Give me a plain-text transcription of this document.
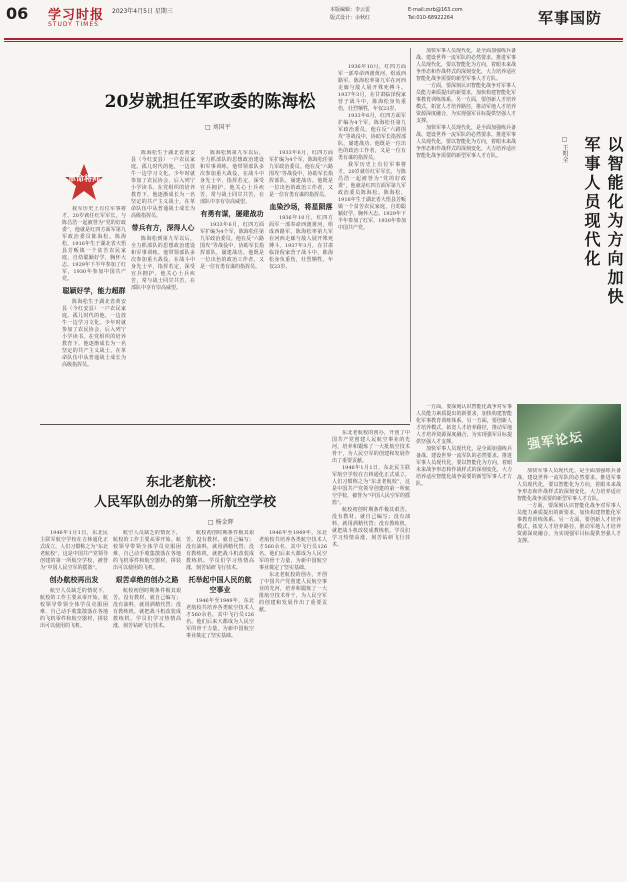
06 学习时报
STUDY TIMES
2023年4月5日 星期三	本版编辑：李云雷
版式设计：余秋红
E-mail:zsrb@163.com
Tel:010-68922264	军事国防
20岁就担任军政委的陈海松
□ 刘国平
革命将帅

我军历史上有位军事将才，20岁就任红军军长，与陈昌浩一起被誉为“党的好政委”，他就是红四方面军第九军政治委员陈海松。陈海松，1916年生于湖北省大悟县芳畈镇一个贫苦农民家庭，自幼聪颖好学，胸怀大志。1929年下半年参加了红军，1930年参加中国共产党。

聪颖好学，能力超群

陈海松生于湖北省黄安县（今红安县）一户农民家庭。孤儿时代的他，一边放牛一边学习文化。少年时就参加了农民协会，后入列宁小学读书。在党组织的培养教育下，他逐渐成长为一名坚定的共产主义战士，在革命队伍中从普通战士成长为高级指挥员。

陈海松生于湖北省黄安县（今红安县）一户农民家庭。孤儿时代的他，一边放牛一边学习文化。少年时就参加了农民协会，后入列宁小学读书。在党组织的培养教育下，他逐渐成长为一名坚定的共产主义战士，在革命队伍中从普通战士成长为高级指挥员。

带兵有方，深得人心

陈海松到第九军以后，全力抓部队的思想政治建设和军事训练。他带领部队多次参加重大战役，在战斗中身先士卒，指挥若定，深受官兵拥护。他关心士兵疾苦，常与战士同甘共苦，在部队中享有崇高威望。

陈海松到第九军以后，全力抓部队的思想政治建设和军事训练。他带领部队多次参加重大战役，在战斗中身先士卒，指挥若定，深受官兵拥护。他关心士兵疾苦，常与战士同甘共苦，在部队中享有崇高威望。

有勇有谋，屡建战功

1933年6月，红四方面军扩编为4个军，陈海松任第九军政治委员。他在反“六路围攻”等战役中，协助军长指挥部队，屡建战功。他既是一位出色的政治工作者，又是一位有勇有谋的指挥员。

1933年6月，红四方面军扩编为4个军，陈海松任第九军政治委员。他在反“六路围攻”等战役中，协助军长指挥部队，屡建战功。他既是一位出色的政治工作者，又是一位有勇有谋的指挥员。

血染沙场，将星陨落

1936年10月，红四方面军一部奉命西渡黄河，组成西路军。陈海松率第九军在河西走廊与敌人展开殊死搏斗。1937年3月，在甘肃临泽倪家营子战斗中，陈海松身负重伤，壮烈牺牲，年仅23岁。

1936年10月，红四方面军一部奉命西渡黄河，组成西路军。陈海松率第九军在河西走廊与敌人展开殊死搏斗。1937年3月，在甘肃临泽倪家营子战斗中，陈海松身负重伤，壮烈牺牲，年仅23岁。

1933年6月，红四方面军扩编为4个军，陈海松任第九军政治委员。他在反“六路围攻”等战役中，协助军长指挥部队，屡建战功。他既是一位出色的政治工作者，又是一位有勇有谋的指挥员。

我军历史上有位军事将才，20岁就任红军军长，与陈昌浩一起被誉为“党的好政委”，他就是红四方面军第九军政治委员陈海松。陈海松，1916年生于湖北省大悟县芳畈镇一个贫苦农民家庭，自幼聪颖好学，胸怀大志。1929年下半年参加了红军，1930年参加中国共产党。

东北老航校：
人民军队创办的第一所航空学校
□ 杨金辉

1946年1月1日，东北民主联军航空学校在吉林通化正式成立，人们习惯称之为“东北老航校”，这是中国共产党领导创建的第一所航空学校，被誉为“中国人民空军的摇篮”。

创办航校再出发

航空人员缺乏的情况下，航校的工作主要从零开始。航校领导带领全体学员克服困难，自己动手收集散落在各地的飞机零件和航空器材，拼装出可以使用的飞机。

航空人员缺乏的情况下，航校的工作主要从零开始。航校领导带领全体学员克服困难，自己动手收集散落在各地的飞机零件和航空器材，拼装出可以使用的飞机。

艰苦卓绝的创办之路

航校初创时期条件极其艰苦。没有教材，就自己编写；没有油料，就用酒精代替；没有教练机，就把战斗机改装成教练机。学员们学习热情高涨，刻苦钻研飞行技术。

航校初创时期条件极其艰苦。没有教材，就自己编写；没有油料，就用酒精代替；没有教练机，就把战斗机改装成教练机。学员们学习热情高涨，刻苦钻研飞行技术。

托举起中国人民的航空事业

1946年至1949年，东北老航校共培养各类航空技术人才560余名，其中飞行员126名。他们后来大都成为人民空军的骨干力量，为新中国航空事业奠定了坚实基础。

1946年至1949年，东北老航校共培养各类航空技术人才560余名，其中飞行员126名。他们后来大都成为人民空军的骨干力量，为新中国航空事业奠定了坚实基础。

东北老航校的创办，开创了中国共产党创建人民航空事业的先河，培养和锻炼了一大批航空技术骨干，为人民空军的创建和发展作出了重要贡献。

东北老航校的创办，开创了中国共产党创建人民航空事业的先河，培养和锻炼了一大批航空技术骨干，为人民空军的创建和发展作出了重要贡献。

1946年1月1日，东北民主联军航空学校在吉林通化正式成立，人们习惯称之为“东北老航校”，这是中国共产党领导创建的第一所航空学校，被誉为“中国人民空军的摇篮”。

航校初创时期条件极其艰苦。没有教材，就自己编写；没有油料，就用酒精代替；没有教练机，就把战斗机改装成教练机。学员们学习热情高涨，刻苦钻研飞行技术。

以智能化为方向加快军事人员现代化
□ 王明全

加快军事人员现代化，是全面加强练兵备战、建设世界一流军队的必然要求。推进军事人员现代化，要以智能化为方向，着眼未来战争形态和作战样式的深刻变化，大力培养适应智能化战争需要的新型军事人才方队。

一方面，要深刻认识智能化战争对军事人员能力素质提出的新要求，加快构建智能化军事教育训练体系。另一方面，要创新人才培养模式，拓宽人才培养路径，推动军地人才培养资源深度融合，为实现强军目标提供坚强人才支撑。

加快军事人员现代化，是全面加强练兵备战、建设世界一流军队的必然要求。推进军事人员现代化，要以智能化为方向，着眼未来战争形态和作战样式的深刻变化，大力培养适应智能化战争需要的新型军事人才方队。

强军论坛

一方面，要深刻认识智能化战争对军事人员能力素质提出的新要求，加快构建智能化军事教育训练体系。另一方面，要创新人才培养模式，拓宽人才培养路径，推动军地人才培养资源深度融合，为实现强军目标提供坚强人才支撑。

加快军事人员现代化，是全面加强练兵备战、建设世界一流军队的必然要求。推进军事人员现代化，要以智能化为方向，着眼未来战争形态和作战样式的深刻变化，大力培养适应智能化战争需要的新型军事人才方队。

加快军事人员现代化，是全面加强练兵备战、建设世界一流军队的必然要求。推进军事人员现代化，要以智能化为方向，着眼未来战争形态和作战样式的深刻变化，大力培养适应智能化战争需要的新型军事人才方队。

一方面，要深刻认识智能化战争对军事人员能力素质提出的新要求，加快构建智能化军事教育训练体系。另一方面，要创新人才培养模式，拓宽人才培养路径，推动军地人才培养资源深度融合，为实现强军目标提供坚强人才支撑。
